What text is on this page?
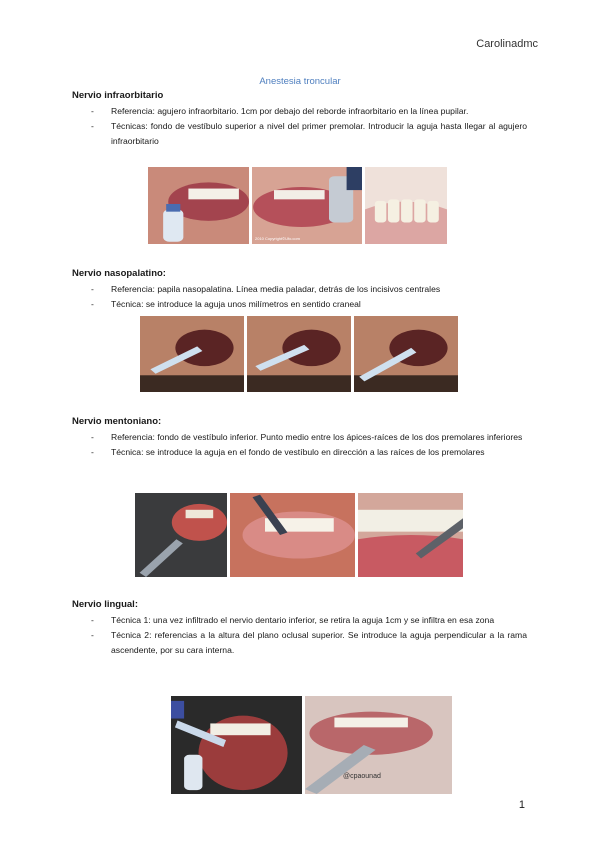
Carolinadmc
Anestesia troncular
Nervio infraorbitario
- Referencia: agujero infraorbitario. 1cm por debajo del reborde infraorbitario en la línea pupilar.
- Técnicas: fondo de vestíbulo superior a nivel del primer premolar. Introducir la aguja hasta llegar al agujero infraorbitario
2010 Copyright©Ufo.com
Nervio nasopalatino:
- Referencia: papila nasopalatina. Línea media paladar, detrás de los incisivos centrales
- Técnica: se introduce la aguja unos milímetros en sentido craneal
Nervio mentoniano:
- Referencia: fondo de vestíbulo inferior. Punto medio entre los ápices-raíces de los dos premolares inferiores
- Técnica: se introduce la aguja en el fondo de vestíbulo en dirección a las raíces de los premolares
Nervio lingual:
- Técnica 1: una vez infiltrado el nervio dentario inferior, se retira la aguja 1cm y se infiltra en esa zona
- Técnica 2: referencias a la altura del plano oclusal superior. Se introduce la aguja perpendicular a la rama ascendente, por su cara interna.
@cpaounad
1
